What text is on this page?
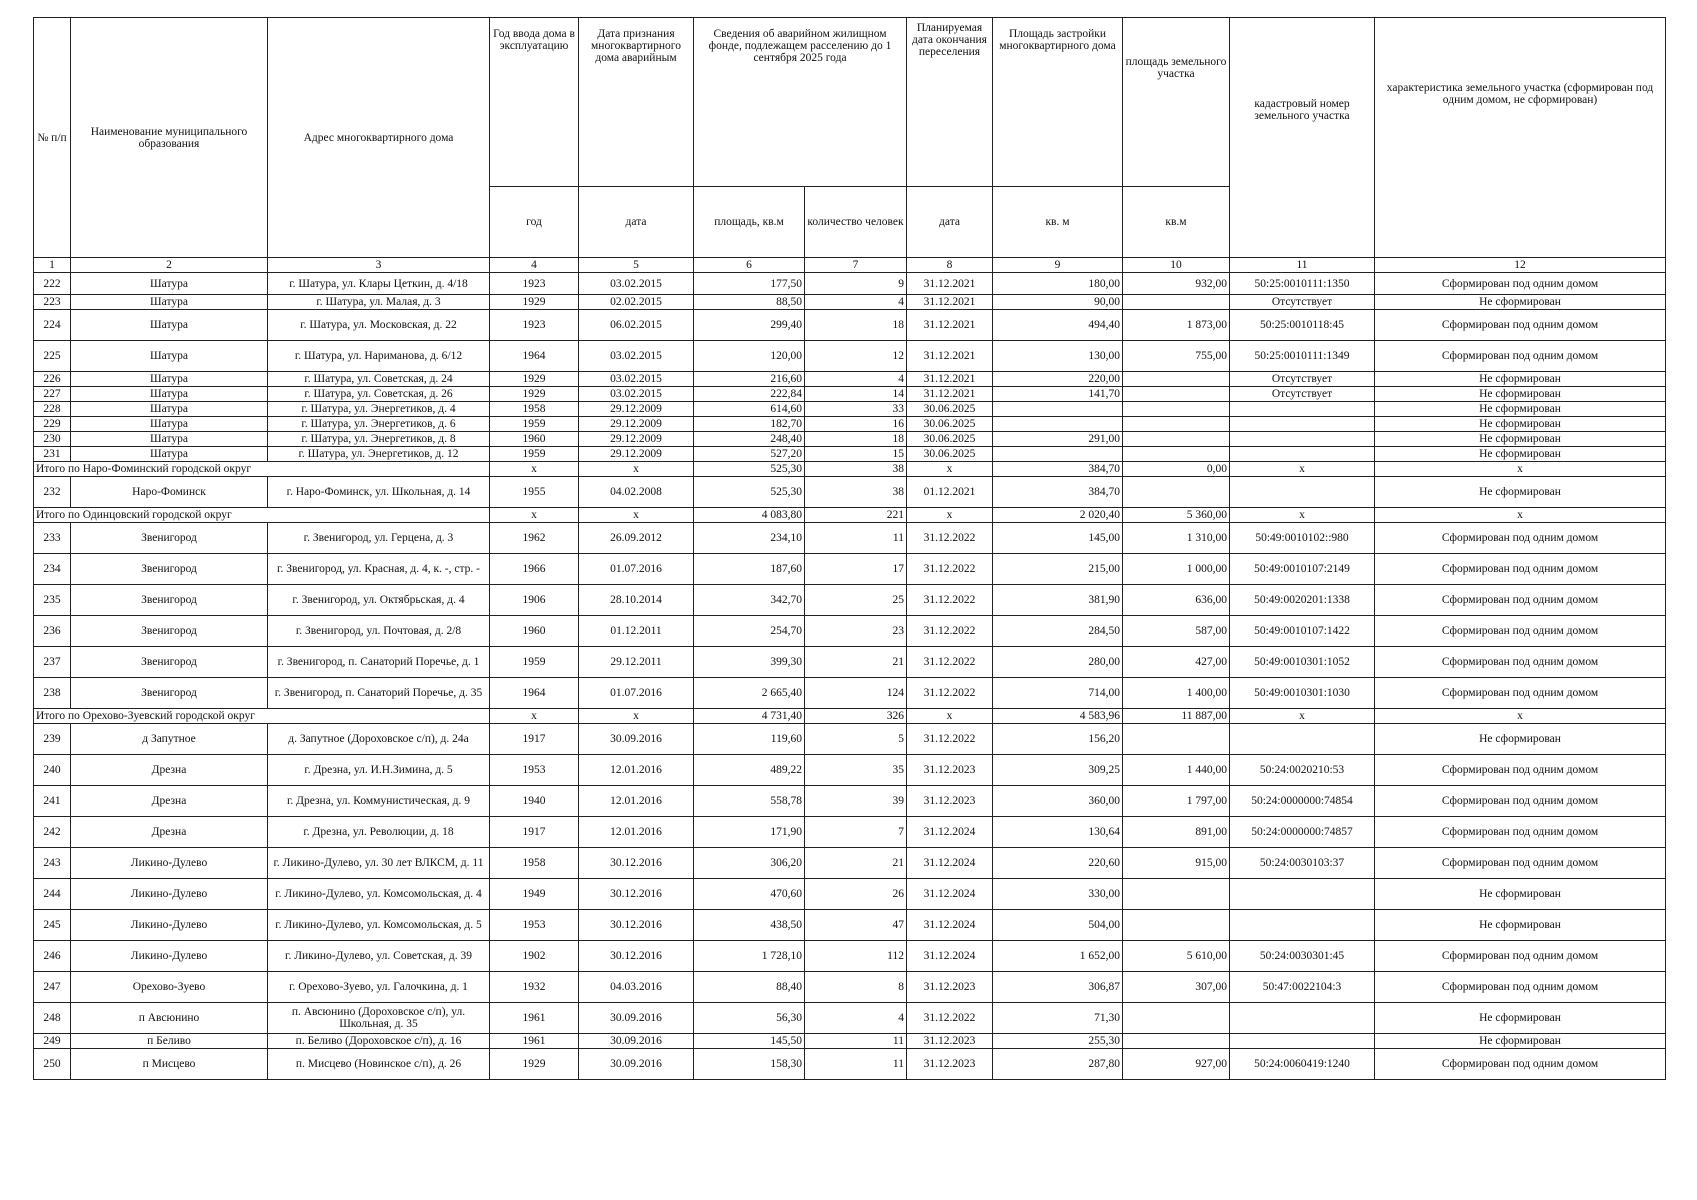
№ п/п	Наименование муниципального образования	Адрес многоквартирного дома	Год ввода дома в эксплуатацию	Дата признания многоквартирного дома аварийным	Сведения об аварийном жилищном фонде, подлежащем расселению до 1 сентября 2025 года		Планируемая дата окончания переселения	Площадь застройки многоквартирного дома	площадь земельного участка	кадастровый номер земельного участка	характеристика земельного участка (сформирован под одним домом, не сформирован)
			год	дата	площадь, кв.м	количество человек	дата	кв. м	кв.м		
1	2	3	4	5	6	7	8	9	10	11	12
222	Шатура	г. Шатура, ул. Клары Цеткин, д. 4/18	1923	03.02.2015	177,50	9	31.12.2021	180,00	932,00	50:25:0010111:1350	Сформирован под одним домом
223	Шатура	г. Шатура, ул. Малая, д. 3	1929	02.02.2015	88,50	4	31.12.2021	90,00		Отсутствует	Не сформирован
224	Шатура	г. Шатура, ул. Московская, д. 22	1923	06.02.2015	299,40	18	31.12.2021	494,40	1 873,00	50:25:0010118:45	Сформирован под одним домом
225	Шатура	г. Шатура, ул. Нариманова, д. 6/12	1964	03.02.2015	120,00	12	31.12.2021	130,00	755,00	50:25:0010111:1349	Сформирован под одним домом
226	Шатура	г. Шатура, ул. Советская, д. 24	1929	03.02.2015	216,60	4	31.12.2021	220,00		Отсутствует	Не сформирован
227	Шатура	г. Шатура, ул. Советская, д. 26	1929	03.02.2015	222,84	14	31.12.2021	141,70		Отсутствует	Не сформирован
228	Шатура	г. Шатура, ул. Энергетиков, д. 4	1958	29.12.2009	614,60	33	30.06.2025				Не сформирован
229	Шатура	г. Шатура, ул. Энергетиков, д. 6	1959	29.12.2009	182,70	16	30.06.2025				Не сформирован
230	Шатура	г. Шатура, ул. Энергетиков, д. 8	1960	29.12.2009	248,40	18	30.06.2025	291,00			Не сформирован
231	Шатура	г. Шатура, ул. Энергетиков, д. 12	1959	29.12.2009	527,20	15	30.06.2025				Не сформирован
Итого по Наро-Фоминский городской округ			x	x	525,30	38	x	384,70	0,00	x	x
232	Наро-Фоминск	г. Наро-Фоминск, ул. Школьная, д. 14	1955	04.02.2008	525,30	38	01.12.2021	384,70			Не сформирован
Итого по Одинцовский городской округ			x	x	4 083,80	221	x	2 020,40	5 360,00	x	x
233	Звенигород	г. Звенигород, ул. Герцена, д. 3	1962	26.09.2012	234,10	11	31.12.2022	145,00	1 310,00	50:49:0010102::980	Сформирован под одним домом
234	Звенигород	г. Звенигород, ул. Красная, д. 4, к. -, стр. -	1966	01.07.2016	187,60	17	31.12.2022	215,00	1 000,00	50:49:0010107:2149	Сформирован под одним домом
235	Звенигород	г. Звенигород, ул. Октябрьская, д. 4	1906	28.10.2014	342,70	25	31.12.2022	381,90	636,00	50:49:0020201:1338	Сформирован под одним домом
236	Звенигород	г. Звенигород, ул. Почтовая, д. 2/8	1960	01.12.2011	254,70	23	31.12.2022	284,50	587,00	50:49:0010107:1422	Сформирован под одним домом
237	Звенигород	г. Звенигород, п. Санаторий Поречье, д. 1	1959	29.12.2011	399,30	21	31.12.2022	280,00	427,00	50:49:0010301:1052	Сформирован под одним домом
238	Звенигород	г. Звенигород, п. Санаторий Поречье, д. 35	1964	01.07.2016	2 665,40	124	31.12.2022	714,00	1 400,00	50:49:0010301:1030	Сформирован под одним домом
Итого по Орехово-Зуевский городской округ			x	x	4 731,40	326	x	4 583,96	11 887,00	x	x
239	д Запутное	д. Запутное (Дороховское с/п), д. 24а	1917	30.09.2016	119,60	5	31.12.2022	156,20			Не сформирован
240	Дрезна	г. Дрезна, ул. И.Н.Зимина, д. 5	1953	12.01.2016	489,22	35	31.12.2023	309,25	1 440,00	50:24:0020210:53	Сформирован под одним домом
241	Дрезна	г. Дрезна, ул. Коммунистическая, д. 9	1940	12.01.2016	558,78	39	31.12.2023	360,00	1 797,00	50:24:0000000:74854	Сформирован под одним домом
242	Дрезна	г. Дрезна, ул. Революции, д. 18	1917	12.01.2016	171,90	7	31.12.2024	130,64	891,00	50:24:0000000:74857	Сформирован под одним домом
243	Ликино-Дулево	г. Ликино-Дулево, ул. 30 лет ВЛКСМ, д. 11	1958	30.12.2016	306,20	21	31.12.2024	220,60	915,00	50:24:0030103:37	Сформирован под одним домом
244	Ликино-Дулево	г. Ликино-Дулево, ул. Комсомольская, д. 4	1949	30.12.2016	470,60	26	31.12.2024	330,00			Не сформирован
245	Ликино-Дулево	г. Ликино-Дулево, ул. Комсомольская, д. 5	1953	30.12.2016	438,50	47	31.12.2024	504,00			Не сформирован
246	Ликино-Дулево	г. Ликино-Дулево, ул. Советская, д. 39	1902	30.12.2016	1 728,10	112	31.12.2024	1 652,00	5 610,00	50:24:0030301:45	Сформирован под одним домом
247	Орехово-Зуево	г. Орехово-Зуево, ул. Галочкина, д. 1	1932	04.03.2016	88,40	8	31.12.2023	306,87	307,00	50:47:0022104:3	Сформирован под одним домом
248	п Авсюнино	п. Авсюнино (Дороховское с/п), ул. Школьная, д. 35	1961	30.09.2016	56,30	4	31.12.2022	71,30			Не сформирован
249	п Беливо	п. Беливо (Дороховское с/п), д. 16	1961	30.09.2016	145,50	11	31.12.2023	255,30			Не сформирован
250	п Мисцево	п. Мисцево (Новинское с/п), д. 26	1929	30.09.2016	158,30	11	31.12.2023	287,80	927,00	50:24:0060419:1240	Сформирован под одним домом
